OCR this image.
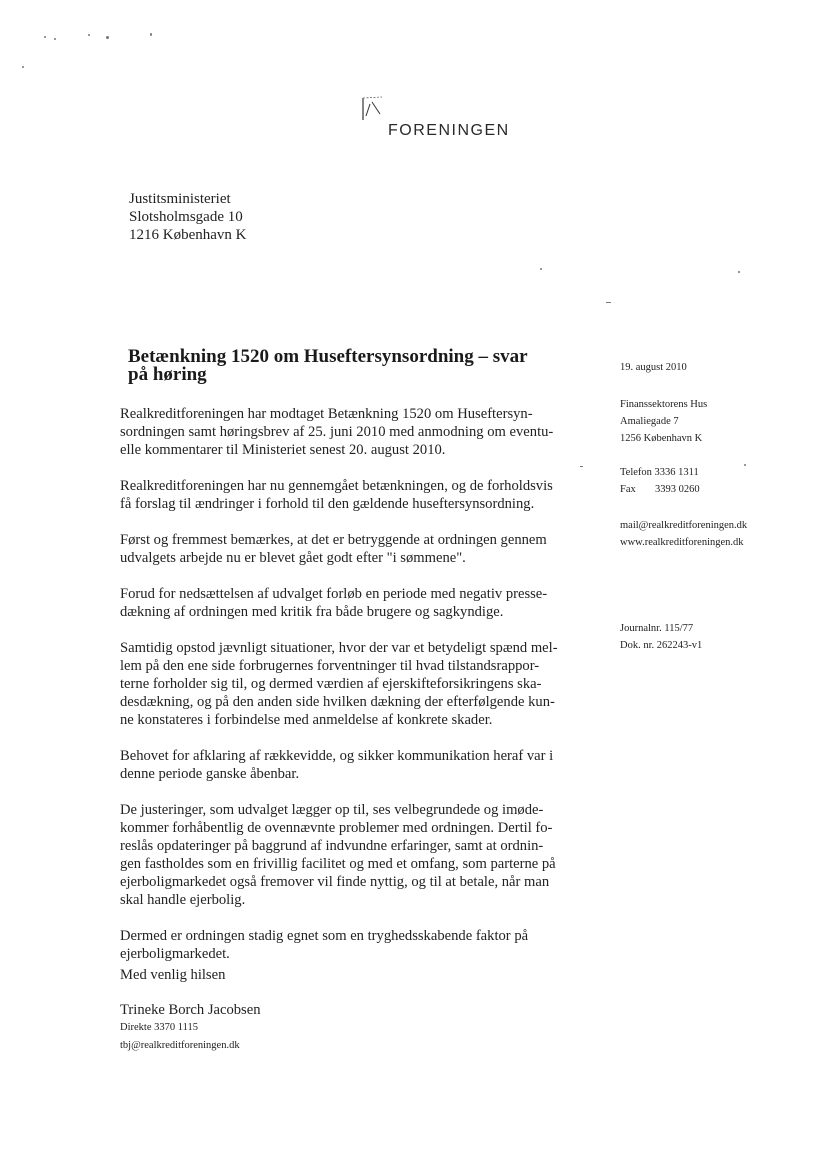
FORENINGEN
Justitsministeriet
Slotsholmsgade 10
1216 København K
Betænkning 1520 om Huseftersynsordning – svar
på høring	19. august 2010
Finanssektorens Hus
Amaliegade 7
1256 København K
Telefon 3336 1311
Fax 3393 0260
mail@realkreditforeningen.dk
www.realkreditforeningen.dk
Journalnr. 115/77
Dok. nr. 262243-v1
Realkreditforeningen har modtaget Betænkning 1520 om Huseftersyn-
sordningen samt høringsbrev af 25. juni 2010 med anmodning om eventu-
elle kommentarer til Ministeriet senest 20. august 2010.
Realkreditforeningen har nu gennemgået betænkningen, og de forholdsvis
få forslag til ændringer i forhold til den gældende huseftersynsordning.
Først og fremmest bemærkes, at det er betryggende at ordningen gennem
udvalgets arbejde nu er blevet gået godt efter "i sømmene".
Forud for nedsættelsen af udvalget forløb en periode med negativ presse-
dækning af ordningen med kritik fra både brugere og sagkyndige.
Samtidig opstod jævnligt situationer, hvor der var et betydeligt spænd mel-
lem på den ene side forbrugernes forventninger til hvad tilstandsrappor-
terne forholder sig til, og dermed værdien af ejerskifteforsikringens ska-
desdækning, og på den anden side hvilken dækning der efterfølgende kun-
ne konstateres i forbindelse med anmeldelse af konkrete skader.
Behovet for afklaring af rækkevidde, og sikker kommunikation heraf var i
denne periode ganske åbenbar.
De justeringer, som udvalget lægger op til, ses velbegrundede og imøde-
kommer forhåbentlig de ovennævnte problemer med ordningen. Dertil fo-
reslås opdateringer på baggrund af indvundne erfaringer, samt at ordnin-
gen fastholdes som en frivillig facilitet og med et omfang, som parterne på
ejerboligmarkedet også fremover vil finde nyttig, og til at betale, når man
skal handle ejerbolig.
Dermed er ordningen stadig egnet som en tryghedsskabende faktor på
ejerboligmarkedet.
Med venlig hilsen
Trineke Borch Jacobsen
Direkte 3370 1115
tbj@realkreditforeningen.dk
